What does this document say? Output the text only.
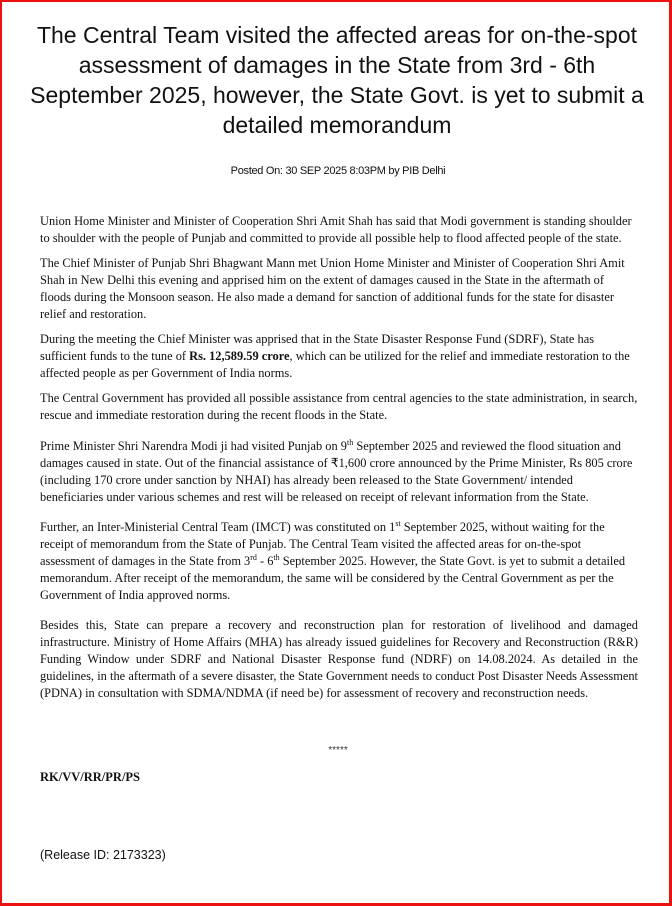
The Central Team visited the affected areas for on-the-spot assessment of damages in the State from 3rd - 6th September 2025, however, the State Govt. is yet to submit a detailed memorandum
Posted On: 30 SEP 2025 8:03PM by PIB Delhi

Union Home Minister and Minister of Cooperation Shri Amit Shah has said that Modi government is standing shoulder to shoulder with the people of Punjab and committed to provide all possible help to flood affected people of the state.

The Chief Minister of Punjab Shri Bhagwant Mann met Union Home Minister and Minister of Cooperation Shri Amit Shah in New Delhi this evening and apprised him on the extent of damages caused in the State in the aftermath of floods during the Monsoon season. He also made a demand for sanction of additional funds for the state for disaster relief and restoration.

During the meeting the Chief Minister was apprised that in the State Disaster Response Fund (SDRF), State has sufficient funds to the tune of Rs. 12,589.59 crore, which can be utilized for the relief and immediate restoration to the affected people as per Government of India norms.

The Central Government has provided all possible assistance from central agencies to the state administration, in search, rescue and immediate restoration during the recent floods in the State.

Prime Minister Shri Narendra Modi ji had visited Punjab on 9th September 2025 and reviewed the flood situation and damages caused in state. Out of the financial assistance of ₹1,600 crore announced by the Prime Minister, Rs 805 crore (including 170 crore under sanction by NHAI) has already been released to the State Government/ intended beneficiaries under various schemes and rest will be released on receipt of relevant information from the State.

Further, an Inter-Ministerial Central Team (IMCT) was constituted on 1st September 2025, without waiting for the receipt of memorandum from the State of Punjab. The Central Team visited the affected areas for on-the-spot assessment of damages in the State from 3rd - 6th September 2025. However, the State Govt. is yet to submit a detailed memorandum. After receipt of the memorandum, the same will be considered by the Central Government as per the Government of India approved norms.

Besides this, State can prepare a recovery and reconstruction plan for restoration of livelihood and damaged infrastructure. Ministry of Home Affairs (MHA) has already issued guidelines for Recovery and Reconstruction (R&R) Funding Window under SDRF and National Disaster Response fund (NDRF) on 14.08.2024. As detailed in the guidelines, in the aftermath of a severe disaster, the State Government needs to conduct Post Disaster Needs Assessment (PDNA) in consultation with SDMA/NDMA (if need be) for assessment of recovery and reconstruction needs.

*****
RK/VV/RR/PR/PS
(Release ID: 2173323)
